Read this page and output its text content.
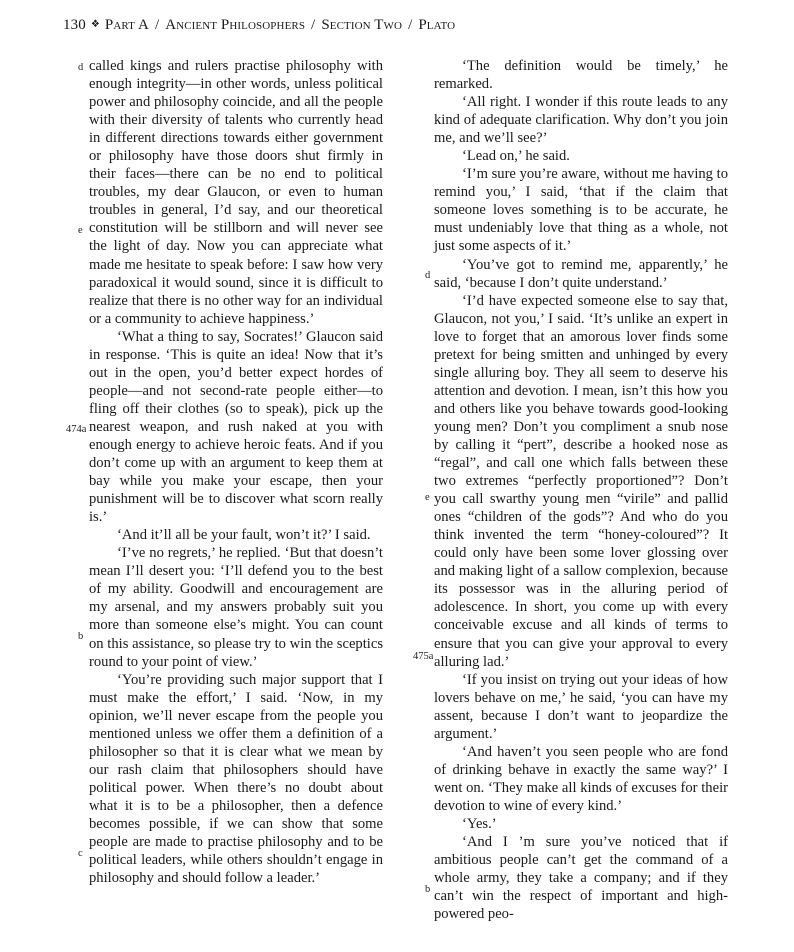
130 ❖ Part A / Ancient Philosophers / Section Two / Plato

called kings and rulers practise philosophy with enough integrity—in other words, unless political power and philosophy coincide, and all the people with their diversity of talents who currently head in different directions towards either government or philosophy have those doors shut firmly in their faces—there can be no end to political troubles, my dear Glaucon, or even to human troubles in general, I’d say, and our theoretical constitution will be stillborn and will never see the light of day. Now you can appreciate what made me hesitate to speak before: I saw how very paradoxical it would sound, since it is difficult to realize that there is no other way for an individual or a community to achieve happiness.’

‘What a thing to say, Socrates!’ Glaucon said in response. ‘This is quite an idea! Now that it’s out in the open, you’d better expect hordes of people—and not second-rate people either—to fling off their clothes (so to speak), pick up the nearest weapon, and rush naked at you with enough energy to achieve heroic feats. And if you don’t come up with an argument to keep them at bay while you make your escape, then your punishment will be to discover what scorn really is.’

‘And it’ll all be your fault, won’t it?’ I said.

‘I’ve no regrets,’ he replied. ‘But that doesn’t mean I’ll desert you: ‘I’ll defend you to the best of my ability. Goodwill and encouragement are my arsenal, and my answers probably suit you more than someone else’s might. You can count on this assistance, so please try to win the sceptics round to your point of view.’

‘You’re providing such major support that I must make the effort,’ I said. ‘Now, in my opinion, we’ll never escape from the people you mentioned unless we offer them a definition of a philosopher so that it is clear what we mean by our rash claim that philosophers should have political power. When there’s no doubt about what it is to be a philosopher, then a defence becomes possible, if we can show that some people are made to practise philosophy and to be political leaders, while others shouldn’t engage in philosophy and should follow a leader.’

‘The definition would be timely,’ he remarked.

‘All right. I wonder if this route leads to any kind of adequate clarification. Why don’t you join me, and we’ll see?’

‘Lead on,’ he said.

‘I’m sure you’re aware, without me having to remind you,’ I said, ‘that if the claim that someone loves something is to be accurate, he must undeniably love that thing as a whole, not just some aspects of it.’

‘You’ve got to remind me, apparently,’ he said, ‘because I don’t quite understand.’

‘I’d have expected someone else to say that, Glaucon, not you,’ I said. ‘It’s unlike an expert in love to forget that an amorous lover finds some pretext for being smitten and unhinged by every single alluring boy. They all seem to deserve his attention and devotion. I mean, isn’t this how you and others like you behave towards good-looking young men? Don’t you compliment a snub nose by calling it “pert”, describe a hooked nose as “regal”, and call one which falls between these two extremes “perfectly proportioned”? Don’t you call swarthy young men “virile” and pallid ones “children of the gods”? And who do you think invented the term “honey-coloured”? It could only have been some lover glossing over and making light of a sallow complexion, because its possessor was in the alluring period of adolescence. In short, you come up with every conceivable excuse and all kinds of terms to ensure that you can give your approval to every alluring lad.’

‘If you insist on trying out your ideas of how lovers behave on me,’ he said, ‘you can have my assent, because I don’t want to jeopardize the argument.’

‘And haven’t you seen people who are fond of drinking behave in exactly the same way?’ I went on. ‘They make all kinds of excuses for their devotion to wine of every kind.’

‘Yes.’

‘And I ’m sure you’ve noticed that if ambitious people can’t get the command of a whole army, they take a company; and if they can’t win the respect of important and high-powered peo-

d
e
474a
b
c
d
e
475a
b
